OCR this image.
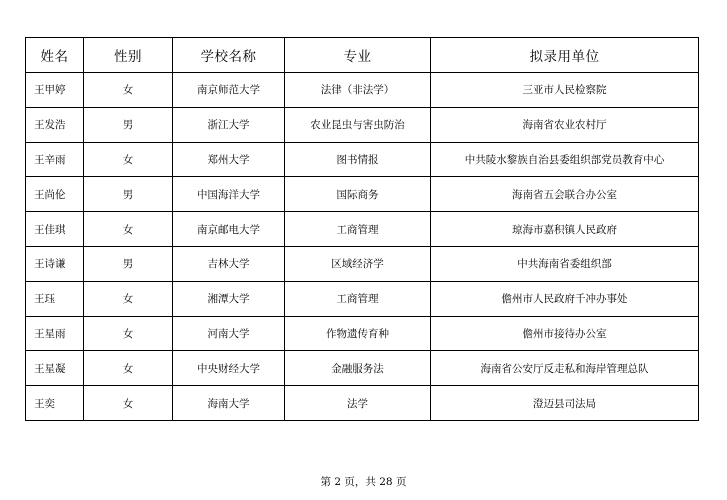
姓名	性别	学校名称	专业	拟录用单位
王甲婷	女	南京师范大学	法律（非法学）	三亚市人民检察院
王发浩	男	浙江大学	农业昆虫与害虫防治	海南省农业农村厅
王辛雨	女	郑州大学	图书情报	中共陵水黎族自治县委组织部党员教育中心
王尚伦	男	中国海洋大学	国际商务	海南省五会联合办公室
王佳琪	女	南京邮电大学	工商管理	琼海市嘉积镇人民政府
王诗谦	男	吉林大学	区域经济学	中共海南省委组织部
王珏	女	湘潭大学	工商管理	儋州市人民政府千冲办事处
王星雨	女	河南大学	作物遗传育种	儋州市接待办公室
王星凝	女	中央财经大学	金融服务法	海南省公安厅反走私和海岸管理总队
王奕	女	海南大学	法学	澄迈县司法局
第 2 页，共 28 页
